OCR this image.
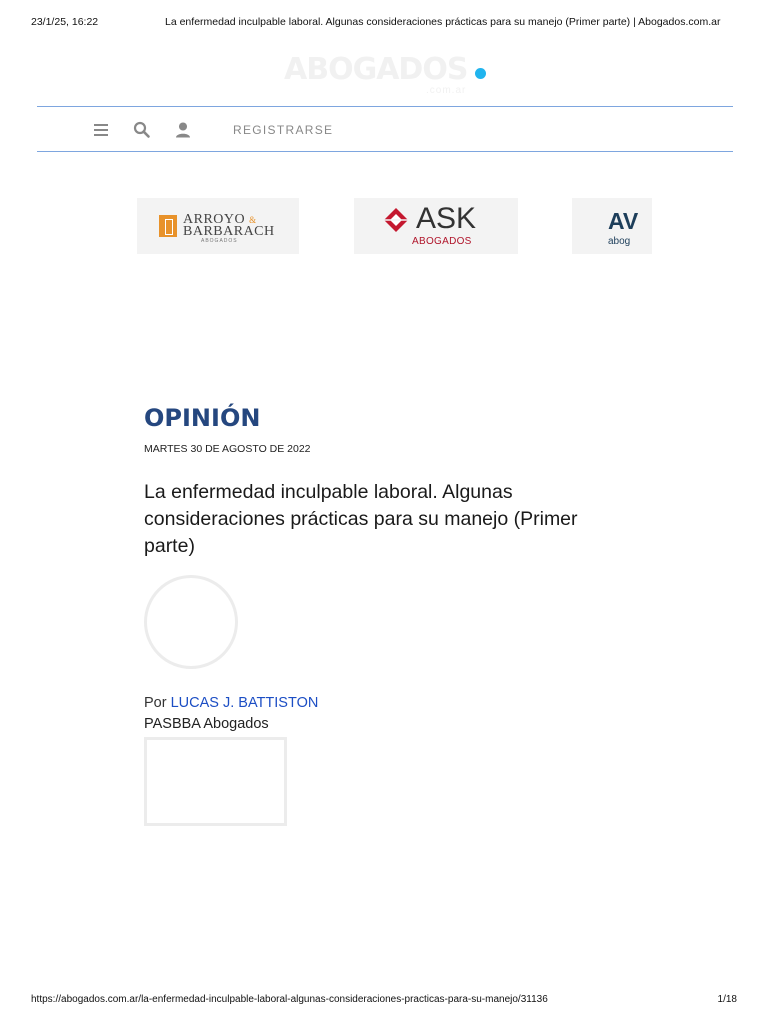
23/1/25, 16:22	La enfermedad inculpable laboral. Algunas consideraciones prácticas para su manejo (Primer parte) | Abogados.com.ar
ABOGADOS
.com.ar
REGISTRARSE
ARROYO &
BARBARACH
ABOGADOS
ASK
ABOGADOS
AV
abog
OPINIÓN
MARTES 30 DE AGOSTO DE 2022
La enfermedad inculpable laboral. Algunas consideraciones prácticas para su manejo (Primer parte)
Por LUCAS J. BATTISTON
PASBBA Abogados
https://abogados.com.ar/la-enfermedad-inculpable-laboral-algunas-consideraciones-practicas-para-su-manejo/31136	1/18
